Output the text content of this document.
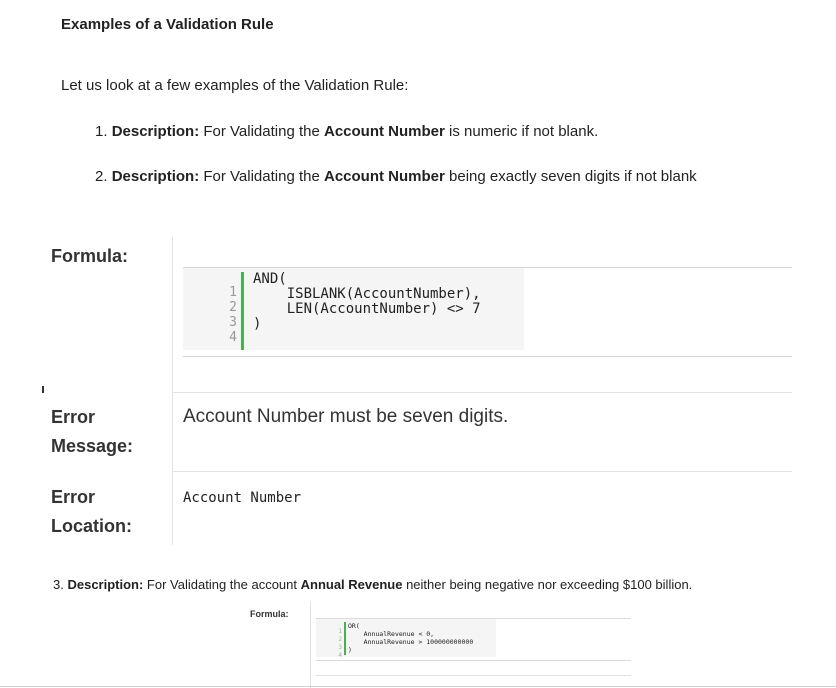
Examples of a Validation Rule
Let us look at a few examples of the Validation Rule:
1. Description: For Validating the Account Number is numeric if not blank.
2. Description: For Validating the Account Number being exactly seven digits if not blank
Formula:
1
2
3
4
AND(
ISBLANK(AccountNumber),
LEN(AccountNumber) <> 7
)
Error
Message:
Account Number must be seven digits.
Error
Location:
Account Number
3. Description: For Validating the account Annual Revenue neither being negative nor exceeding $100 billion.
Formula:
1
2
3
4
OR(
AnnualRevenue < 0,
AnnualRevenue > 100000000000
)
